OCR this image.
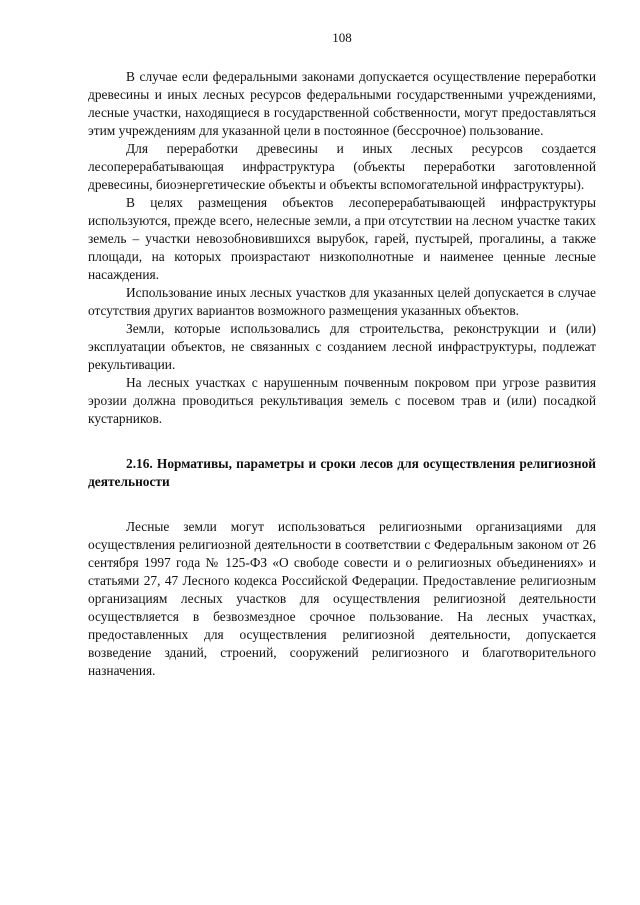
108

В случае если федеральными законами допускается осуществление переработки древесины и иных лесных ресурсов федеральными государственными учреждениями, лесные участки, находящиеся в государственной собственности, могут предоставляться этим учреждениям для указанной цели в постоянное (бессрочное) пользование.

Для переработки древесины и иных лесных ресурсов создается лесоперерабатывающая инфраструктура (объекты переработки заготовленной древесины, биоэнергетические объекты и объекты вспомогательной инфраструктуры).

В целях размещения объектов лесоперерабатывающей инфраструктуры используются, прежде всего, нелесные земли, а при отсутствии на лесном участке таких земель – участки невозобновившихся вырубок, гарей, пустырей, прогалины, а также площади, на которых произрастают низкополнотные и наименее ценные лесные насаждения.

Использование иных лесных участков для указанных целей допускается в случае отсутствия других вариантов возможного размещения указанных объектов.

Земли, которые использовались для строительства, реконструкции и (или) эксплуатации объектов, не связанных с созданием лесной инфраструктуры, подлежат рекультивации.

На лесных участках с нарушенным почвенным покровом при угрозе развития эрозии должна проводиться рекультивация земель с посевом трав и (или) посадкой кустарников.

2.16. Нормативы, параметры и сроки лесов для осуществления религиозной деятельности

Лесные земли могут использоваться религиозными организациями для осуществления религиозной деятельности в соответствии с Федеральным законом от 26 сентября 1997 года № 125-ФЗ «О свободе совести и о религиозных объединениях» и статьями 27, 47 Лесного кодекса Российской Федерации. Предоставление религиозным организациям лесных участков для осуществления религиозной деятельности осуществляется в безвозмездное срочное пользование. На лесных участках, предоставленных для осуществления религиозной деятельности, допускается возведение зданий, строений, сооружений религиозного и благотворительного назначения.
